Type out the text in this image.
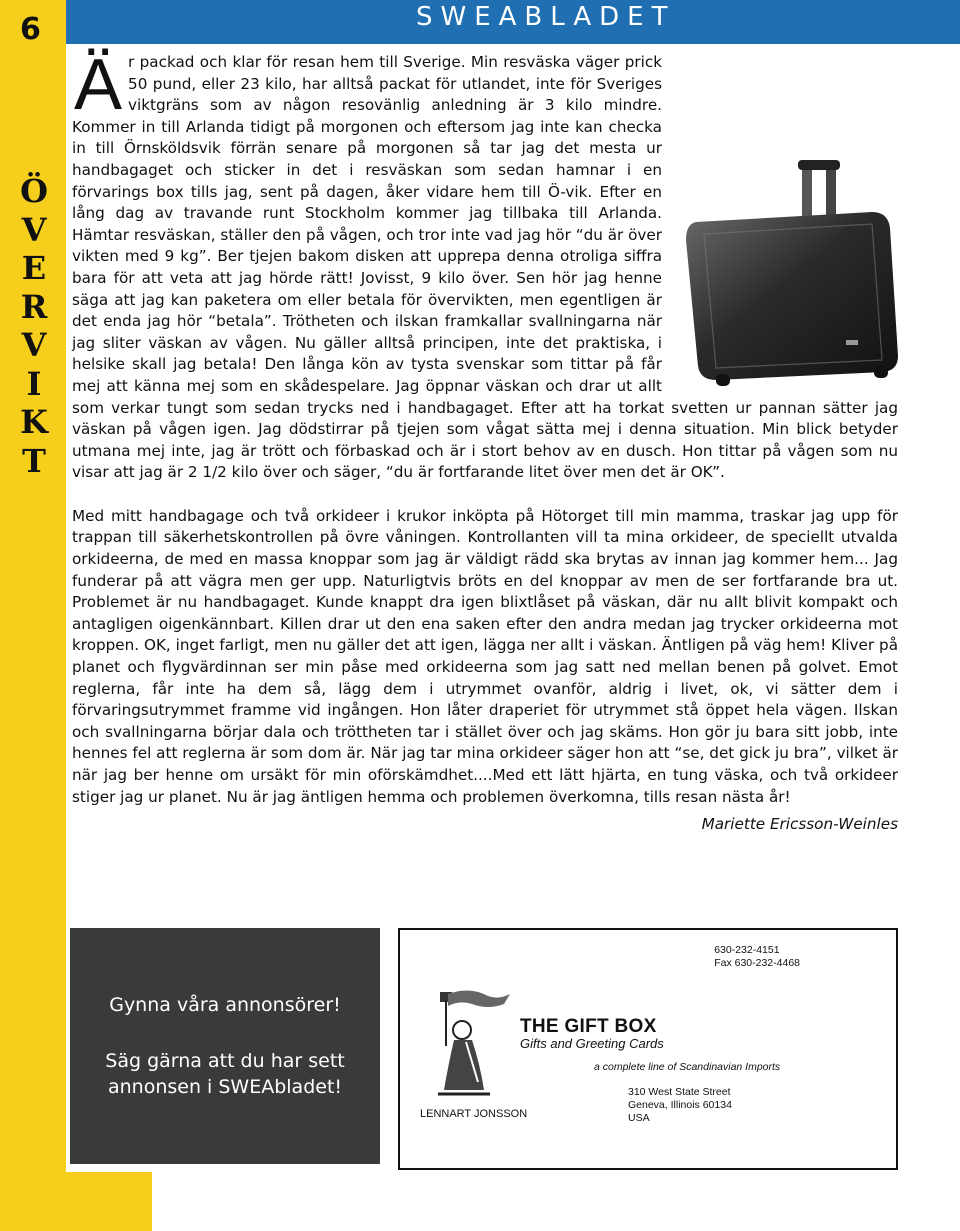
6	SWEABLADET
Ö
V
E
R
V
I
K
T
Ä r packad och klar för resan hem till Sverige. Min resväska väger prick 50 pund, eller 23 kilo, har alltså packat för utlandet, inte för Sveriges viktgräns som av någon resovänlig anledning är 3 kilo mindre. Kommer in till Arlanda tidigt på morgonen och eftersom jag inte kan checka in till Örnsköldsvik förrän senare på morgonen så tar jag det mesta ur handbagaget och sticker in det i resväskan som sedan hamnar i en förvarings box tills jag, sent på dagen, åker vidare hem till Ö-vik. Efter en lång dag av travande runt Stockholm kommer jag tillbaka till Arlanda. Hämtar resväskan, ställer den på vågen, och tror inte vad jag hör “du är över vikten med 9 kg”. Ber tjejen bakom disken att upprepa denna otroliga siffra bara för att veta att jag hörde rätt! Jovisst, 9 kilo över. Sen hör jag henne säga att jag kan paketera om eller betala för övervikten, men egentligen är det enda jag hör “betala”. Trötheten och ilskan framkallar svallningarna när jag sliter väskan av vågen. Nu gäller alltså principen, inte det praktiska, i helsike skall jag betala! Den långa kön av tysta svenskar som tittar på får mej att känna mej som en skådespelare. Jag öppnar väskan och drar ut allt som verkar tungt som sedan trycks ned i handbagaget. Efter att ha torkat svetten ur pannan sätter jag väskan på vågen igen. Jag dödstirrar på tjejen som vågat sätta mej i denna situation. Min blick betyder utmana mej inte, jag är trött och förbaskad och är i stort behov av en dusch. Hon tittar på vågen som nu visar att jag är 2 1/2 kilo över och säger, “du är fortfarande litet över men det är OK”.
Med mitt handbagage och två orkideer i krukor inköpta på Hötorget till min mamma, traskar jag upp för trappan till säkerhetskontrollen på övre våningen. Kontrollanten vill ta mina orkideer, de speciellt utvalda orkideerna, de med en massa knoppar som jag är väldigt rädd ska brytas av innan jag kommer hem... Jag funderar på att vägra men ger upp. Naturligtvis bröts en del knoppar av men de ser fortfarande bra ut. Problemet är nu handbagaget. Kunde knappt dra igen blixtlåset på väskan, där nu allt blivit kompakt och antagligen oigenkännbart. Killen drar ut den ena saken efter den andra medan jag trycker orkideerna mot kroppen. OK, inget farligt, men nu gäller det att igen, lägga ner allt i väskan. Äntligen på väg hem! Kliver på planet och flygvärdinnan ser min påse med orkideerna som jag satt ned mellan benen på golvet. Emot reglerna, får inte ha dem så, lägg dem i utrymmet ovanför, aldrig i livet, ok, vi sätter dem i förvaringsutrymmet framme vid ingången. Hon låter draperiet för utrymmet stå öppet hela vägen. Ilskan och svallningarna börjar dala och tröttheten tar i stället över och jag skäms. Hon gör ju bara sitt jobb, inte hennes fel att reglerna är som dom är. När jag tar mina orkideer säger hon att “se, det gick ju bra”, vilket är när jag ber henne om ursäkt för min oförskämdhet....Med ett lätt hjärta, en tung väska, och två orkideer stiger jag ur planet. Nu är jag äntligen hemma och problemen överkomna, tills resan nästa år!
Mariette Ericsson-Weinles
Gynna våra annonsörer!
Säg gärna att du har sett annonsen i SWEAbladet!
630-232-4151
Fax 630-232-4468
THE GIFT BOX
Gifts and Greeting Cards
a complete line of Scandinavian Imports
310 West State Street
Geneva, Illinois 60134
USA
LENNART JONSSON
